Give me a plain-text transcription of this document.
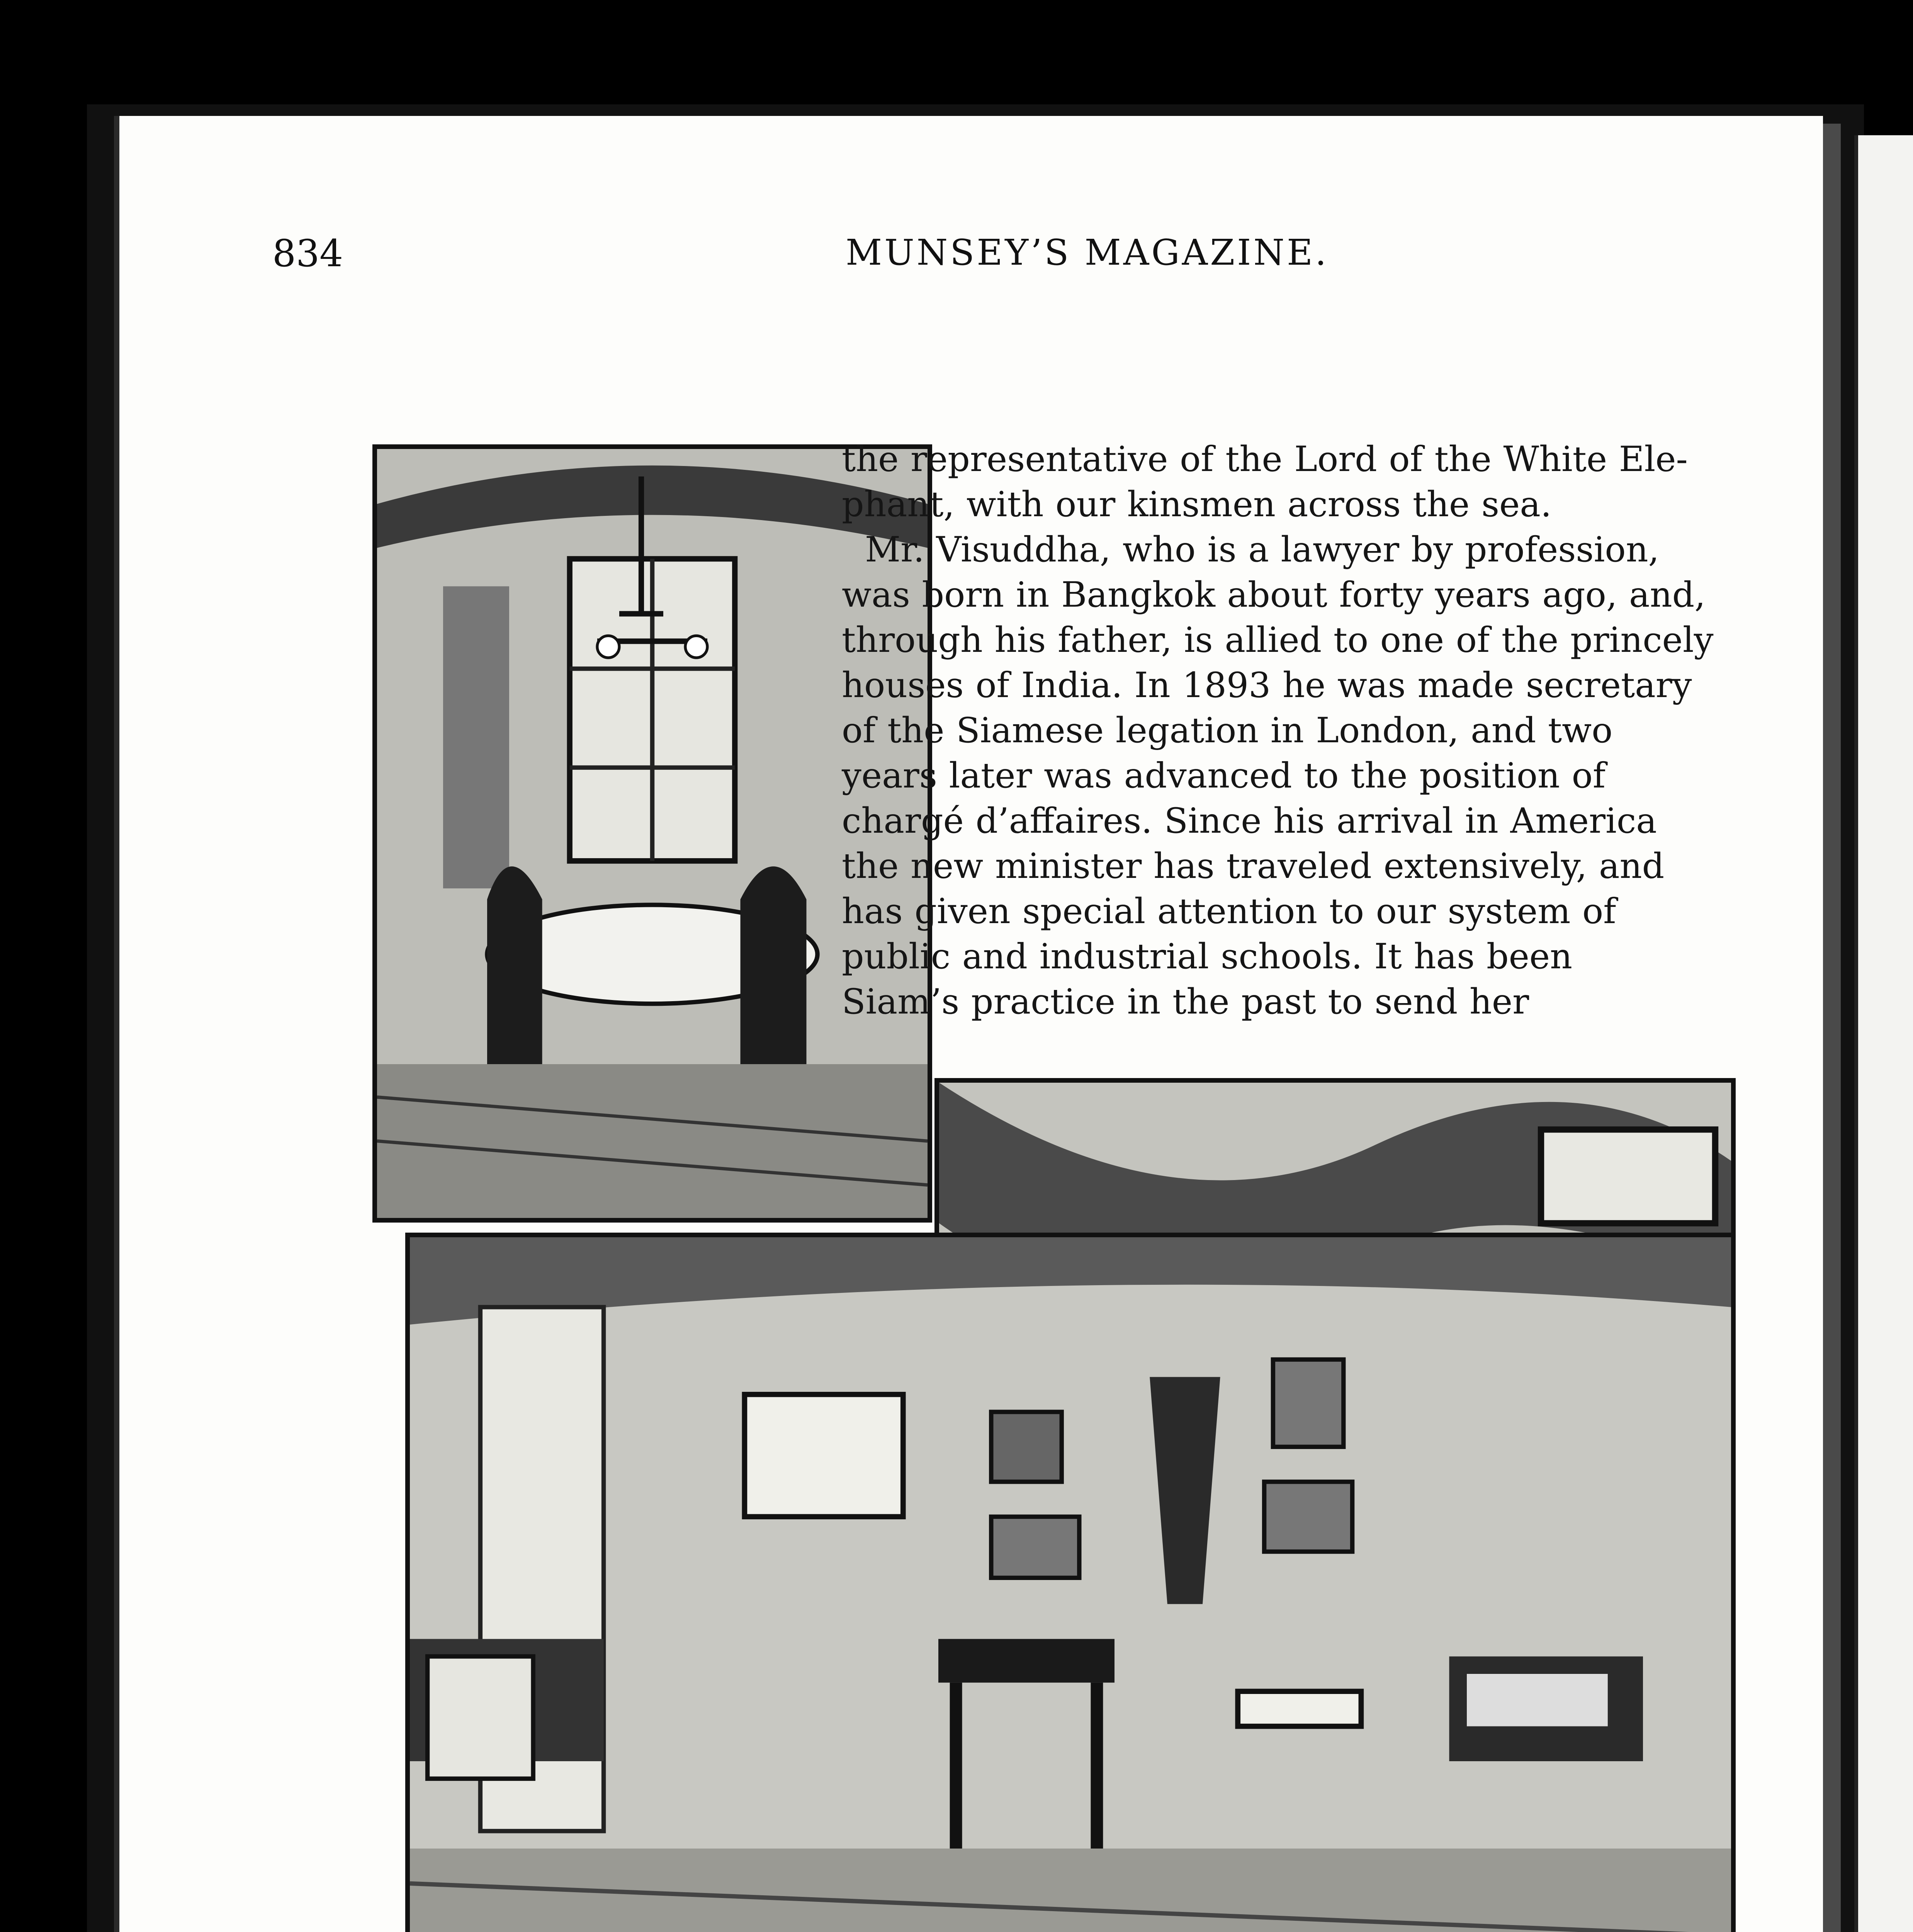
834	MUNSEY’S MAGAZINE.

the representative of the Lord of the White Ele-

phant, with our kinsmen across the sea.

Mr. Visuddha, who is a lawyer by profession,

was born in Bangkok about forty years ago, and,

through his father, is allied to one of the princely

houses of India. In 1893 he was made secretary

of the Siamese legation in London, and two

years later was advanced to the position of

chargé d’affaires. Since his arrival in America

the new minister has traveled extensively, and

has given special attention to our system of

public and industrial schools. It has been

Siam’s practice in the past to send her
